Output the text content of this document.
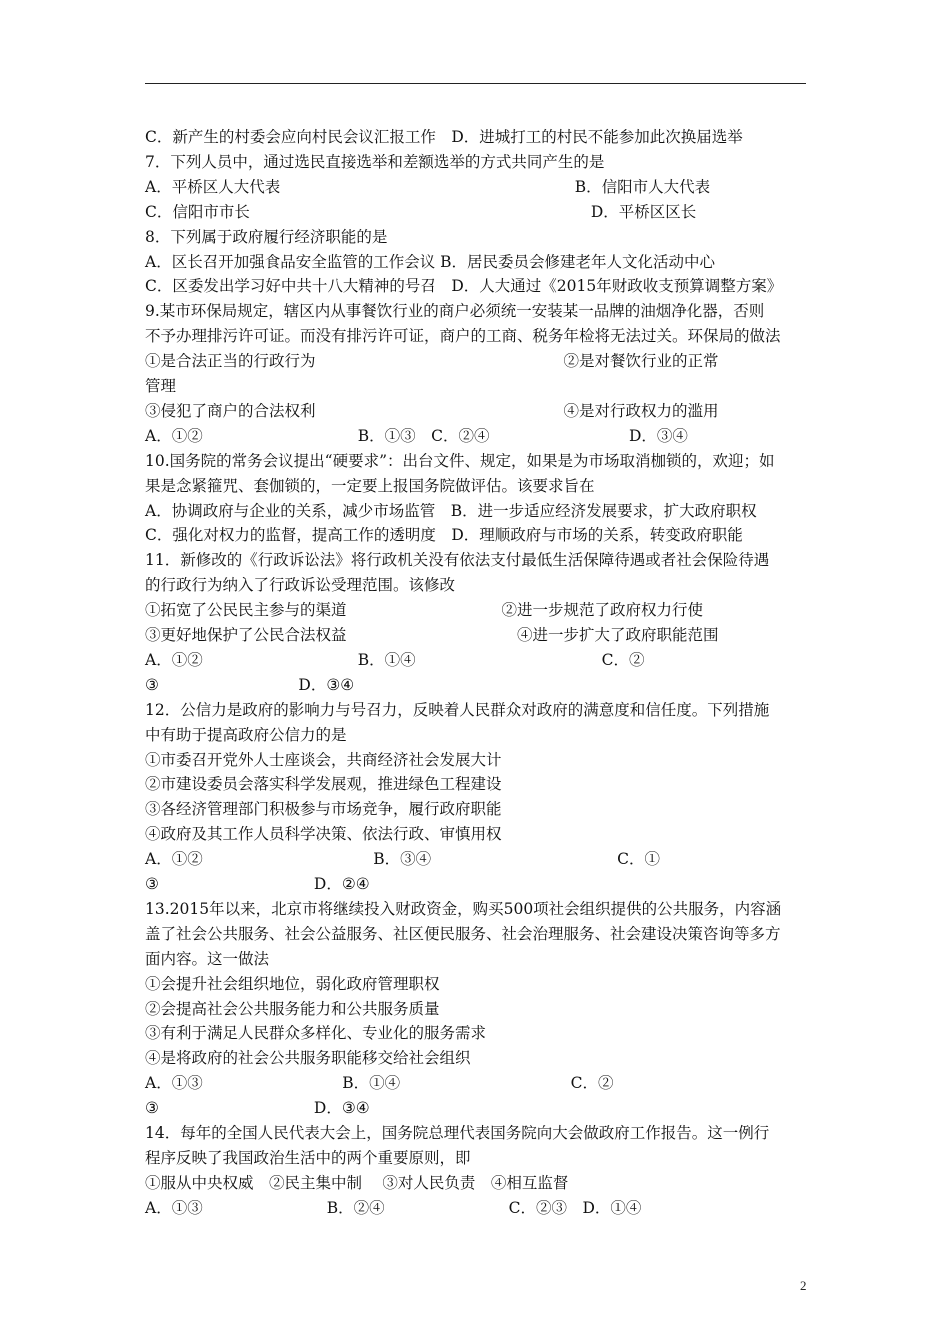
C．新产生的村委会应向村民会议汇报工作　D．进城打工的村民不能参加此次换届选举
7．下列人员中，通过选民直接选举和差额选举的方式共同产生的是
A．平桥区人大代表　　　　　　　　　　　　　　　　　　　B．信阳市人大代表
C．信阳市市长　　　　　　　　　　　　　　　　　　　　　　D．平桥区区长
8．下列属于政府履行经济职能的是
A．区长召开加强食品安全监管的工作会议 B．居民委员会修建老年人文化活动中心
C．区委发出学习好中共十八大精神的号召　D．人大通过《2015年财政收支预算调整方案》
9.某市环保局规定，辖区内从事餐饮行业的商户必须统一安装某一品牌的油烟净化器，否则
不予办理排污许可证。而没有排污许可证，商户的工商、税务年检将无法过关。环保局的做法
①是合法正当的行政行为　　　　　　　　　　　　　　　　②是对餐饮行业的正常
管理
③侵犯了商户的合法权利　　　　　　　　　　　　　　　　④是对行政权力的滥用
A．①②　　　　　　　　　　B．①③　C．②④　　　　　　　　　D．③④
10.国务院的常务会议提出“硬要求”：出台文件、规定，如果是为市场取消枷锁的，欢迎；如
果是念紧箍咒、套伽锁的，一定要上报国务院做评估。该要求旨在
A．协调政府与企业的关系，减少市场监管　B．进一步适应经济发展要求，扩大政府职权
C．强化对权力的监督，提高工作的透明度　D．理顺政府与市场的关系，转变政府职能
11．新修改的《行政诉讼法》将行政机关没有依法支付最低生活保障待遇或者社会保险待遇
的行政行为纳入了行政诉讼受理范围。该修改
①拓宽了公民民主参与的渠道　　　　　　　　　　②进一步规范了政府权力行使
③更好地保护了公民合法权益　　　　　　　　　　　④进一步扩大了政府职能范围
A．①②　　　　　　　　　　B．①④　　　　　　　　　　　　C．②
③　　　　　　　　　D．③④
12．公信力是政府的影响力与号召力，反映着人民群众对政府的满意度和信任度。下列措施
中有助于提高政府公信力的是
①市委召开党外人士座谈会，共商经济社会发展大计
②市建设委员会落实科学发展观，推进绿色工程建设
③各经济管理部门积极参与市场竞争，履行政府职能
④政府及其工作人员科学决策、依法行政、审慎用权
A．①②　　　　　　　　　　　B．③④　　　　　　　　　　　　C．①
③　　　　　　　　　　D．②④
13.2015年以来，北京市将继续投入财政资金，购买500项社会组织提供的公共服务，内容涵
盖了社会公共服务、社会公益服务、社区便民服务、社会治理服务、社会建设决策咨询等多方
面内容。这一做法
①会提升社会组织地位，弱化政府管理职权
②会提高社会公共服务能力和公共服务质量
③有利于满足人民群众多样化、专业化的服务需求
④是将政府的社会公共服务职能移交给社会组织
A．①③　　　　　　　　　B．①④　　　　　　　　　　　C．②
③　　　　　　　　　　D．③④
14．每年的全国人民代表大会上，国务院总理代表国务院向大会做政府工作报告。这一例行
程序反映了我国政治生活中的两个重要原则，即
①服从中央权威　②民主集中制　 ③对人民负责　④相互监督
A．①③　　　　　　　　B．②④　　　　　　　　C．②③　D．①④
2
